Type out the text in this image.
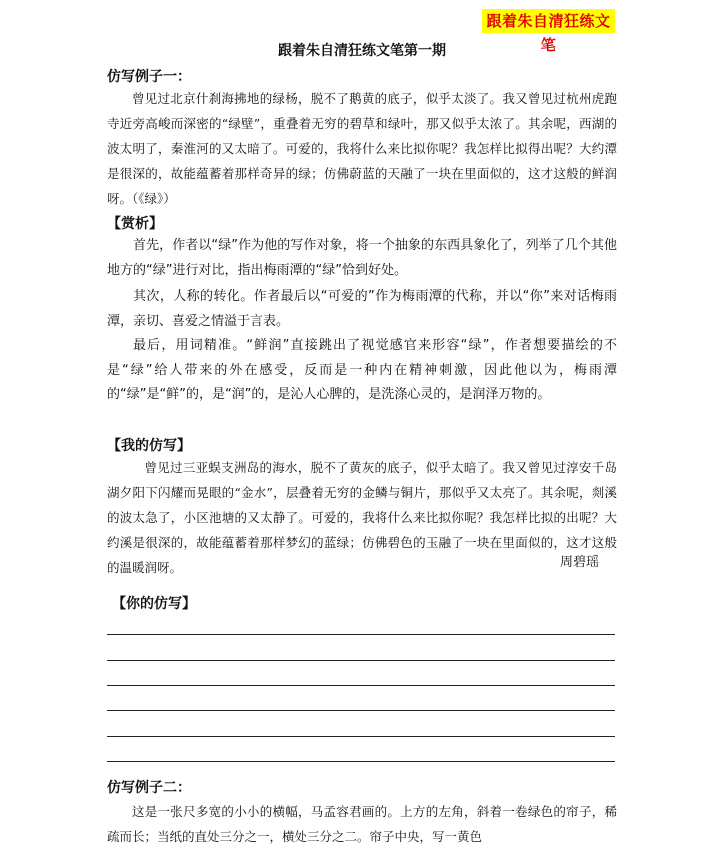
跟着朱自清狂练文笔
跟着朱自清狂练文笔第一期
仿写例子一：
曾见过北京什刹海拂地的绿杨，脱不了鹅黄的底子，似乎太淡了。我又曾见过杭州虎跑寺近旁高峻而深密的“绿壁”，重叠着无穷的碧草和绿叶，那又似乎太浓了。其余呢，西湖的波太明了，秦淮河的又太暗了。可爱的，我将什么来比拟你呢？我怎样比拟得出呢？大约潭是很深的，故能蕴蓄着那样奇异的绿；仿佛蔚蓝的天融了一块在里面似的，这才这般的鲜润呀。（《绿》）
【赏析】
首先，作者以“绿”作为他的写作对象，将一个抽象的东西具象化了，列举了几个其他地方的“绿”进行对比，指出梅雨潭的“绿”恰到好处。
其次，人称的转化。作者最后以“可爱的”作为梅雨潭的代称，并以“你”来对话梅雨潭，亲切、喜爱之情溢于言表。
最后，用词精准。“鲜润”直接跳出了视觉感官来形容“绿”，作者想要描绘的不是“绿”给人带来的外在感受，反而是一种内在精神刺激，因此他以为，梅雨潭的“绿”是“鲜”的，是“润”的，是沁人心脾的，是洗涤心灵的，是润泽万物的。
【我的仿写】
曾见过三亚蜈支洲岛的海水，脱不了黄灰的底子，似乎太暗了。我又曾见过淳安千岛湖夕阳下闪耀而晃眼的“金水”，层叠着无穷的金鳞与铜片，那似乎又太亮了。其余呢，剡溪的波太急了，小区池塘的又太静了。可爱的，我将什么来比拟你呢？我怎样比拟的出呢？大约溪是很深的，故能蕴蓄着那样梦幻的蓝绿；仿佛碧色的玉融了一块在里面似的，这才这般的温暖润呀。	周碧瑶
【你的仿写】
仿写例子二：
这是一张尺多宽的小小的横幅，马孟容君画的。上方的左角，斜着一卷绿色的帘子，稀疏而长；当纸的直处三分之一，横处三分之二。帘子中央，写一黄色
